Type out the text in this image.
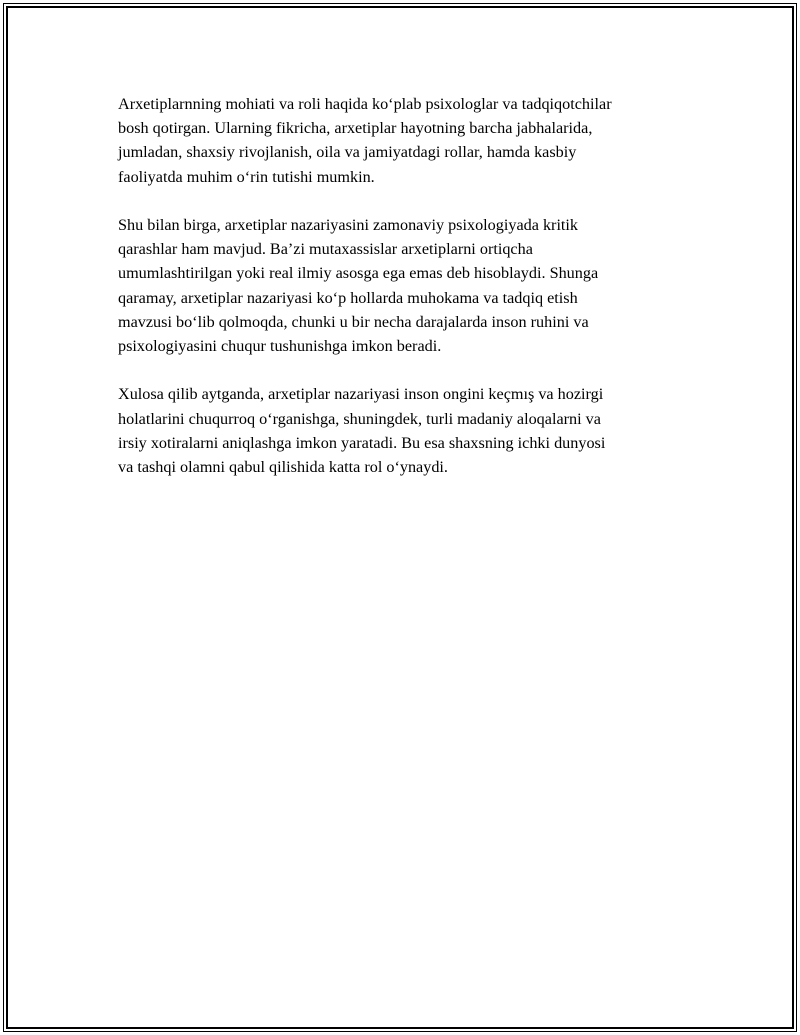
Arxetiplarnning mohiati va roli haqida ko‘plab psixologlar va tadqiqotchilar
bosh qotirgan. Ularning fikricha, arxetiplar hayotning barcha jabhalarida,
jumladan, shaxsiy rivojlanish, oila va jamiyatdagi rollar, hamda kasbiy
faoliyatda muhim o‘rin tutishi mumkin.

Shu bilan birga, arxetiplar nazariyasini zamonaviy psixologiyada kritik
qarashlar ham mavjud. Ba’zi mutaxassislar arxetiplarni ortiqcha
umumlashtirilgan yoki real ilmiy asosga ega emas deb hisoblaydi. Shunga
qaramay, arxetiplar nazariyasi ko‘p hollarda muhokama va tadqiq etish
mavzusi bo‘lib qolmoqda, chunki u bir necha darajalarda inson ruhini va
psixologiyasini chuqur tushunishga imkon beradi.

Xulosa qilib aytganda, arxetiplar nazariyasi inson ongini keçmış va hozirgi
holatlarini chuqurroq o‘rganishga, shuningdek, turli madaniy aloqalarni va
irsiy xotiralarni aniqlashga imkon yaratadi. Bu esa shaxsning ichki dunyosi
va tashqi olamni qabul qilishida katta rol o‘ynaydi.
